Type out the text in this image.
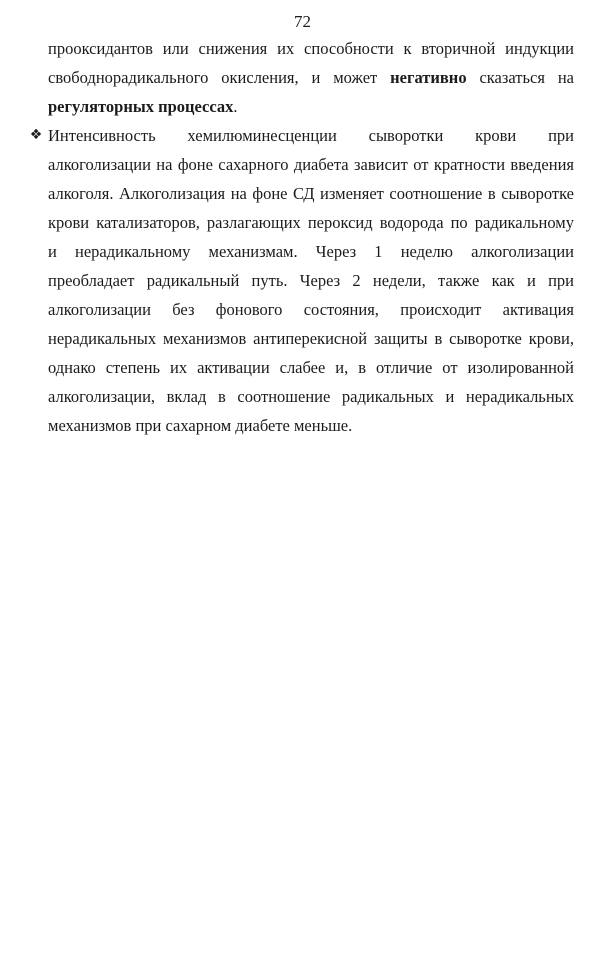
72
прооксидантов или снижения их способности к вторичной индукции
свободнорадикального окисления, и может негативно сказаться на
регуляторных процессах.
❖ Интенсивность хемилюминесценции сыворотки крови при
алкоголизации на фоне сахарного диабета зависит от кратности введения
алкоголя. Алкоголизация на фоне СД изменяет соотношение в сыворотке
крови катализаторов, разлагающих пероксид водорода по радикальному
и нерадикальному механизмам. Через 1 неделю алкоголизации
преобладает радикальный путь. Через 2 недели, также как и при
алкоголизации без фонового состояния, происходит активация
нерадикальных механизмов антиперекисной защиты в сыворотке крови,
однако степень их активации слабее и, в отличие от изолированной
алкоголизации, вклад в соотношение радикальных и нерадикальных
механизмов при сахарном диабете меньше.
